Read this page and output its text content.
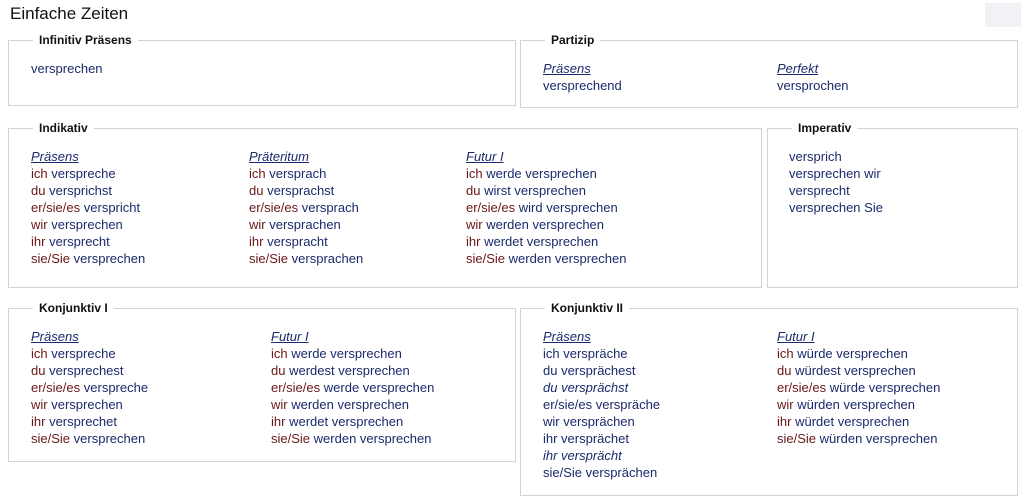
Einfache Zeiten
Infinitiv Präsens
versprechen
Partizip
Präsens
versprechend
Perfekt
versprochen
Indikativ
Präsens
ich verspreche
du versprichst
er/sie/es verspricht
wir versprechen
ihr versprecht
sie/Sie versprechen
Präteritum
ich versprach
du versprachst
er/sie/es versprach
wir versprachen
ihr verspracht
sie/Sie versprachen
Futur I
ich werde versprechen
du wirst versprechen
er/sie/es wird versprechen
wir werden versprechen
ihr werdet versprechen
sie/Sie werden versprechen
Imperativ
versprich
versprechen wir
versprecht
versprechen Sie
Konjunktiv I
Präsens
ich verspreche
du versprechest
er/sie/es verspreche
wir versprechen
ihr versprechet
sie/Sie versprechen
Futur I
ich werde versprechen
du werdest versprechen
er/sie/es werde versprechen
wir werden versprechen
ihr werdet versprechen
sie/Sie werden versprechen
Konjunktiv II
Präsens
ich verspräche
du versprächest
du versprächst
er/sie/es verspräche
wir versprächen
ihr versprächet
ihr versprächt
sie/Sie versprächen
Futur I
ich würde versprechen
du würdest versprechen
er/sie/es würde versprechen
wir würden versprechen
ihr würdet versprechen
sie/Sie würden versprechen
